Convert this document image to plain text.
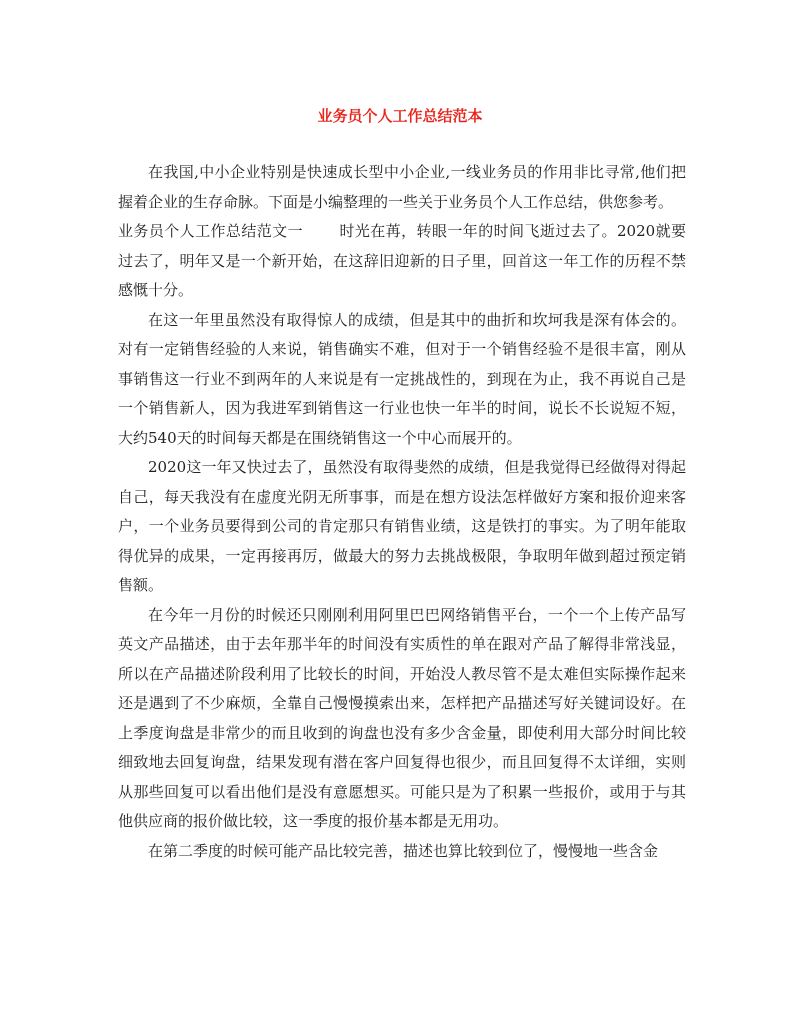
业务员个人工作总结范本

在我国,中小企业特别是快速成长型中小企业,一线业务员的作用非比寻常,他们把握着企业的生存命脉。下面是小编整理的一些关于业务员个人工作总结，供您参考。

业务员个人工作总结范文一 时光在苒，转眼一年的时间飞逝过去了。2020就要过去了，明年又是一个新开始，在这辞旧迎新的日子里，回首这一年工作的历程不禁感慨十分。

在这一年里虽然没有取得惊人的成绩，但是其中的曲折和坎坷我是深有体会的。对有一定销售经验的人来说，销售确实不难，但对于一个销售经验不是很丰富，刚从事销售这一行业不到两年的人来说是有一定挑战性的，到现在为止，我不再说自己是一个销售新人，因为我进军到销售这一行业也快一年半的时间，说长不长说短不短，大约540天的时间每天都是在围绕销售这一个中心而展开的。

2020这一年又快过去了，虽然没有取得斐然的成绩，但是我觉得已经做得对得起自己，每天我没有在虚度光阴无所事事，而是在想方设法怎样做好方案和报价迎来客户，一个业务员要得到公司的肯定那只有销售业绩，这是铁打的事实。为了明年能取得优异的成果，一定再接再厉，做最大的努力去挑战极限，争取明年做到超过预定销售额。

在今年一月份的时候还只刚刚利用阿里巴巴网络销售平台，一个一个上传产品写英文产品描述，由于去年那半年的时间没有实质性的单在跟对产品了解得非常浅显，所以在产品描述阶段利用了比较长的时间，开始没人教尽管不是太难但实际操作起来还是遇到了不少麻烦，全靠自己慢慢摸索出来，怎样把产品描述写好关键词设好。在上季度询盘是非常少的而且收到的询盘也没有多少含金量，即使利用大部分时间比较细致地去回复询盘，结果发现有潜在客户回复得也很少，而且回复得不太详细，实则从那些回复可以看出他们是没有意愿想买。可能只是为了积累一些报价，或用于与其他供应商的报价做比较，这一季度的报价基本都是无用功。

在第二季度的时候可能产品比较完善，描述也算比较到位了，慢慢地一些含金
